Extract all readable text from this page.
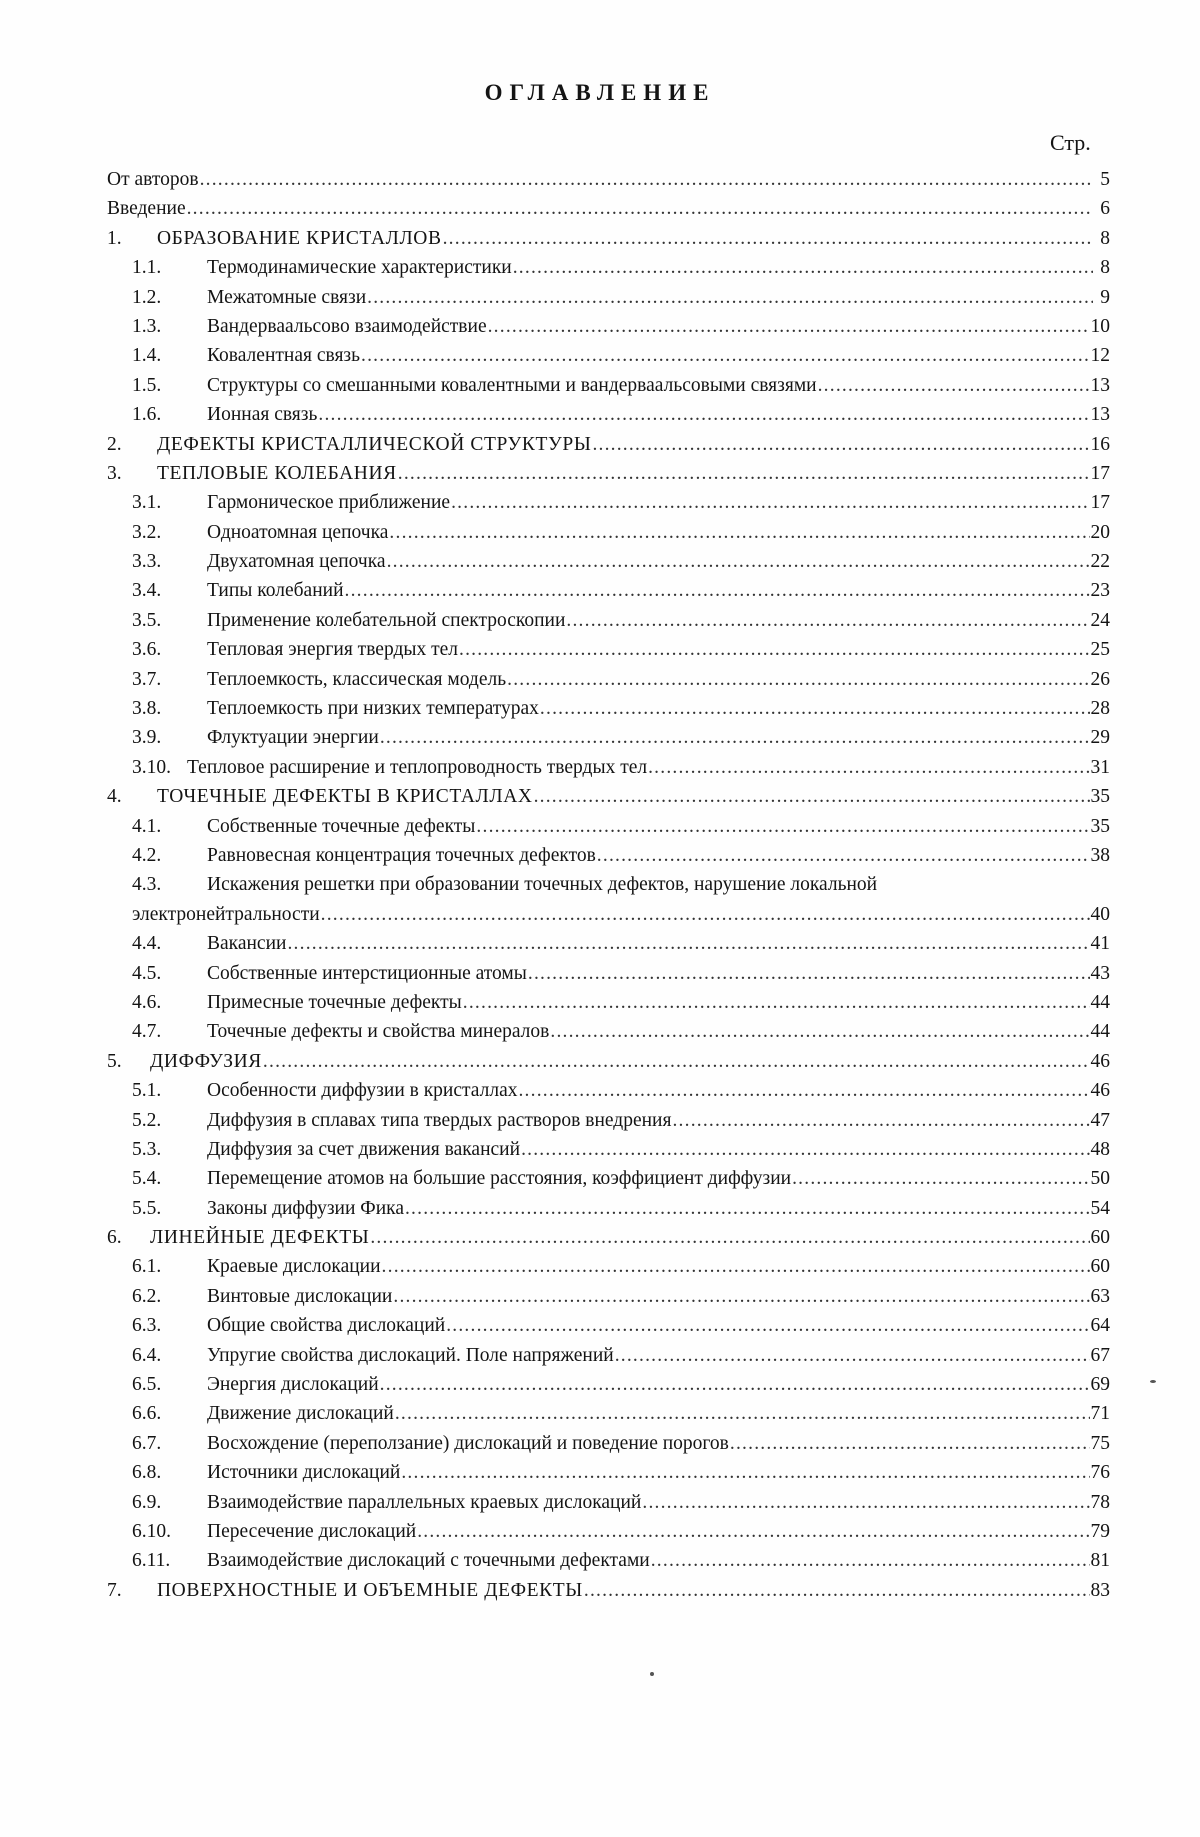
ОГЛАВЛЕНИЕ
Стр.
От авторов .....	5
Введение .....	6
1. ОБРАЗОВАНИЕ КРИСТАЛЛОВ .....	8
1.1. Термодинамические характеристики .....	8
1.2. Межатомные связи .....	9
1.3. Вандерваальсово взаимодействие .....	10
1.4. Ковалентная связь .....	12
1.5. Структуры со смешанными ковалентными и вандерваальсовыми связями .....	13
1.6. Ионная связь .....	13
2. ДЕФЕКТЫ КРИСТАЛЛИЧЕСКОЙ СТРУКТУРЫ .....	16
3. ТЕПЛОВЫЕ КОЛЕБАНИЯ .....	17
3.1. Гармоническое приближение .....	17
3.2. Одноатомная цепочка .....	20
3.3. Двухатомная цепочка .....	22
3.4. Типы колебаний .....	23
3.5. Применение колебательной спектроскопии .....	24
3.6. Тепловая энергия твердых тел .....	25
3.7. Теплоемкость, классическая модель .....	26
3.8. Теплоемкость при низких температурах .....	28
3.9. Флуктуации энергии .....	29
3.10. Тепловое расширение и теплопроводность твердых тел .....	31
4. ТОЧЕЧНЫЕ ДЕФЕКТЫ В КРИСТАЛЛАХ .....	35
4.1. Собственные точечные дефекты .....	35
4.2. Равновесная концентрация точечных дефектов .....	38
4.3. Искажения решетки при образовании точечных дефектов, нарушение локальной
электронейтральности .....	40
4.4. Вакансии .....	41
4.5. Собственные интерстиционные атомы .....	43
4.6. Примесные точечные дефекты .....	44
4.7. Точечные дефекты и свойства минералов .....	44
5. ДИФФУЗИЯ .....	46
5.1. Особенности диффузии в кристаллах .....	46
5.2. Диффузия в сплавах типа твердых растворов внедрения .....	47
5.3. Диффузия за счет движения вакансий .....	48
5.4. Перемещение атомов на большие расстояния, коэффициент диффузии .....	50
5.5. Законы диффузии Фика .....	54
6. ЛИНЕЙНЫЕ ДЕФЕКТЫ .....	60
6.1. Краевые дислокации .....	60
6.2. Винтовые дислокации .....	63
6.3. Общие свойства дислокаций .....	64
6.4. Упругие свойства дислокаций. Поле напряжений .....	67
6.5. Энергия дислокаций .....	69
6.6. Движение дислокаций .....	71
6.7. Восхождение (переползание) дислокаций и поведение порогов .....	75
6.8. Источники дислокаций .....	76
6.9. Взаимодействие параллельных краевых дислокаций .....	78
6.10. Пересечение дислокаций .....	79
6.11. Взаимодействие дислокаций с точечными дефектами .....	81
7. ПОВЕРХНОСТНЫЕ И ОБЪЕМНЫЕ ДЕФЕКТЫ .....	83
